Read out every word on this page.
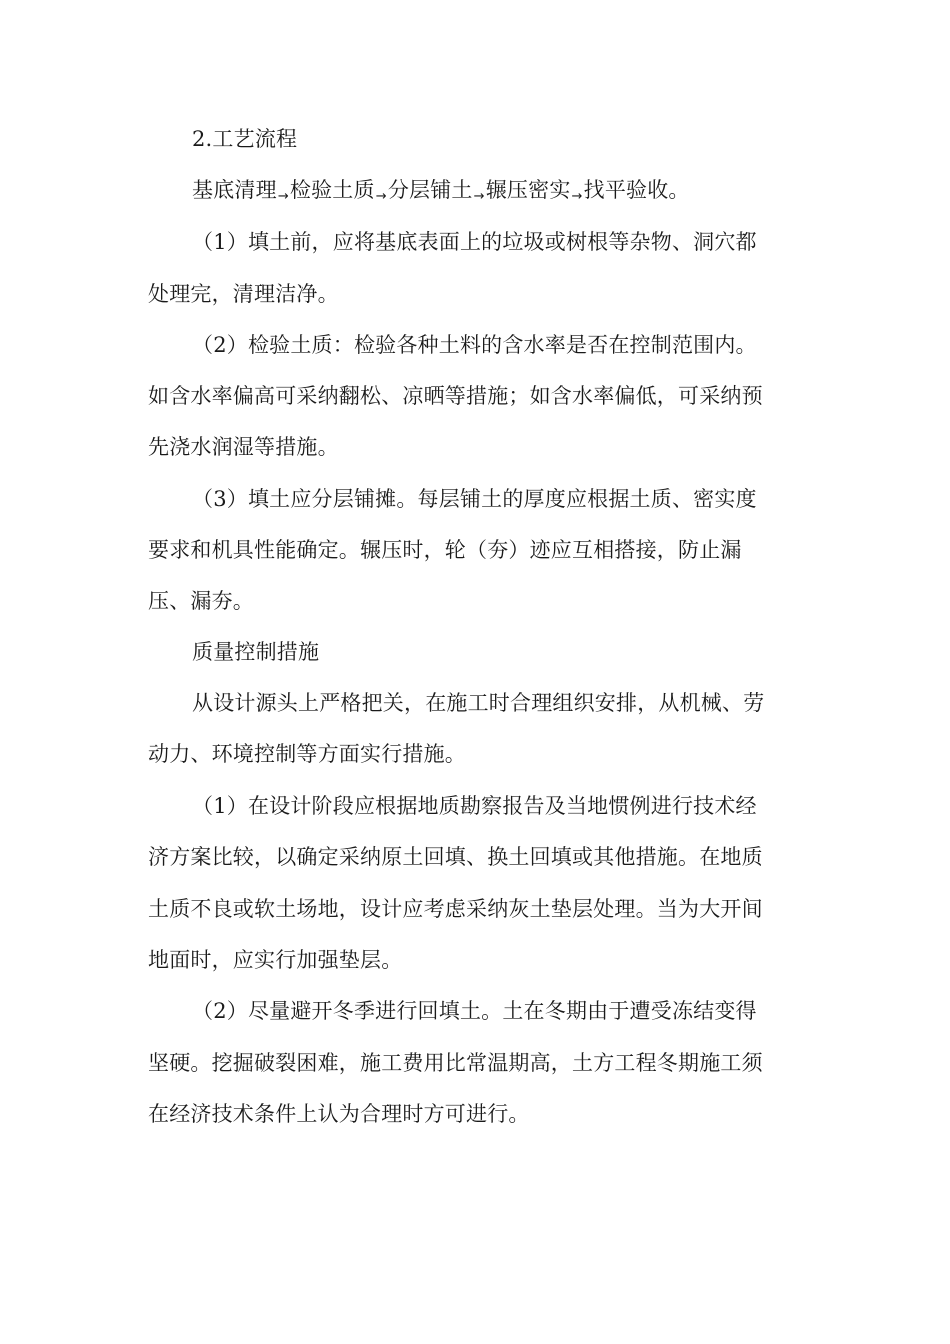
2.工艺流程
基底清理→检验土质→分层铺土→辗压密实→找平验收。
（1）填土前，应将基底表面上的垃圾或树根等杂物、洞穴都
处理完，清理洁净。
（2）检验土质：检验各种土料的含水率是否在控制范围内。
如含水率偏高可采纳翻松、凉晒等措施；如含水率偏低，可采纳预
先浇水润湿等措施。
（3）填土应分层铺摊。每层铺土的厚度应根据土质、密实度
要求和机具性能确定。辗压时，轮（夯）迹应互相搭接，防止漏
压、漏夯。
质量控制措施
从设计源头上严格把关，在施工时合理组织安排，从机械、劳
动力、环境控制等方面实行措施。
（1）在设计阶段应根据地质勘察报告及当地惯例进行技术经
济方案比较，以确定采纳原土回填、换土回填或其他措施。在地质
土质不良或软土场地，设计应考虑采纳灰土垫层处理。当为大开间
地面时，应实行加强垫层。
（2）尽量避开冬季进行回填土。土在冬期由于遭受冻结变得
坚硬。挖掘破裂困难，施工费用比常温期高，土方工程冬期施工须
在经济技术条件上认为合理时方可进行。
